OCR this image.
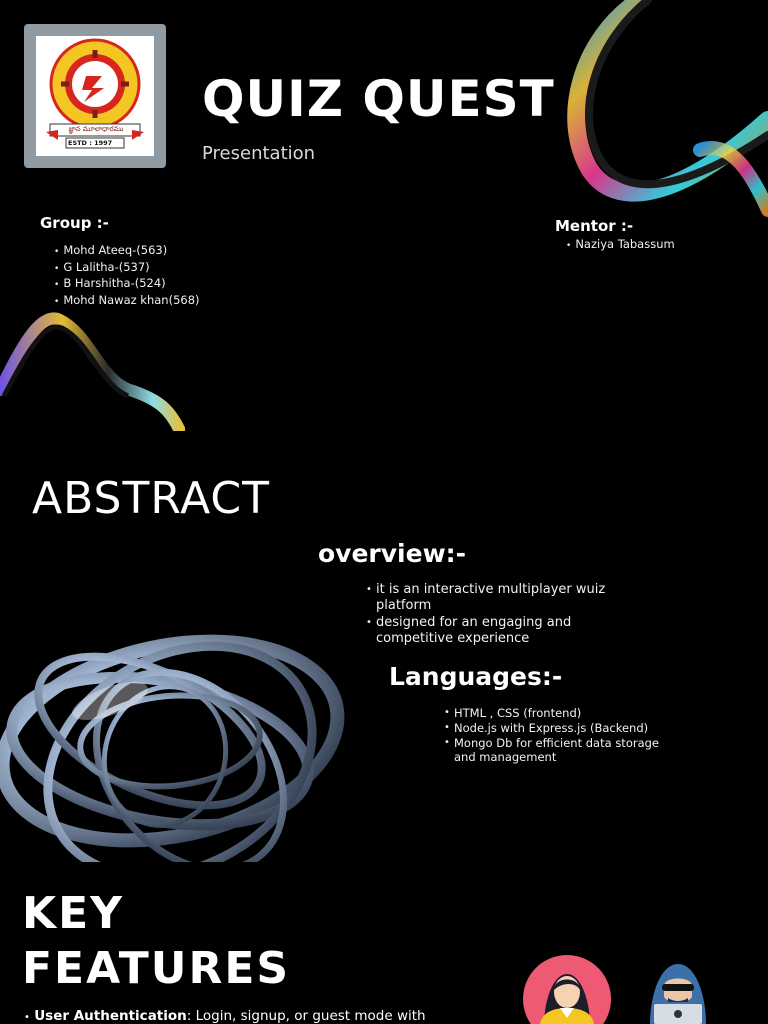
జ్ఞాన మూలాధారము
ESTD : 1997
QUIZ QUEST
Presentation
Group :-
• Mohd Ateeq-(563)
• G Lalitha-(537)
• B Harshitha-(524)
• Mohd Nawaz khan(568)
Mentor :-
• Naziya Tabassum
ABSTRACT
overview:-
• it is an interactive multiplayer wuiz platform
• designed for an engaging and competitive experience
Languages:-
• HTML , CSS (frontend)
• Node.js with Express.js (Backend)
• Mongo Db for efficient data storage and management
KEY
FEATURES
• User Authentication: Login, signup, or guest mode with
